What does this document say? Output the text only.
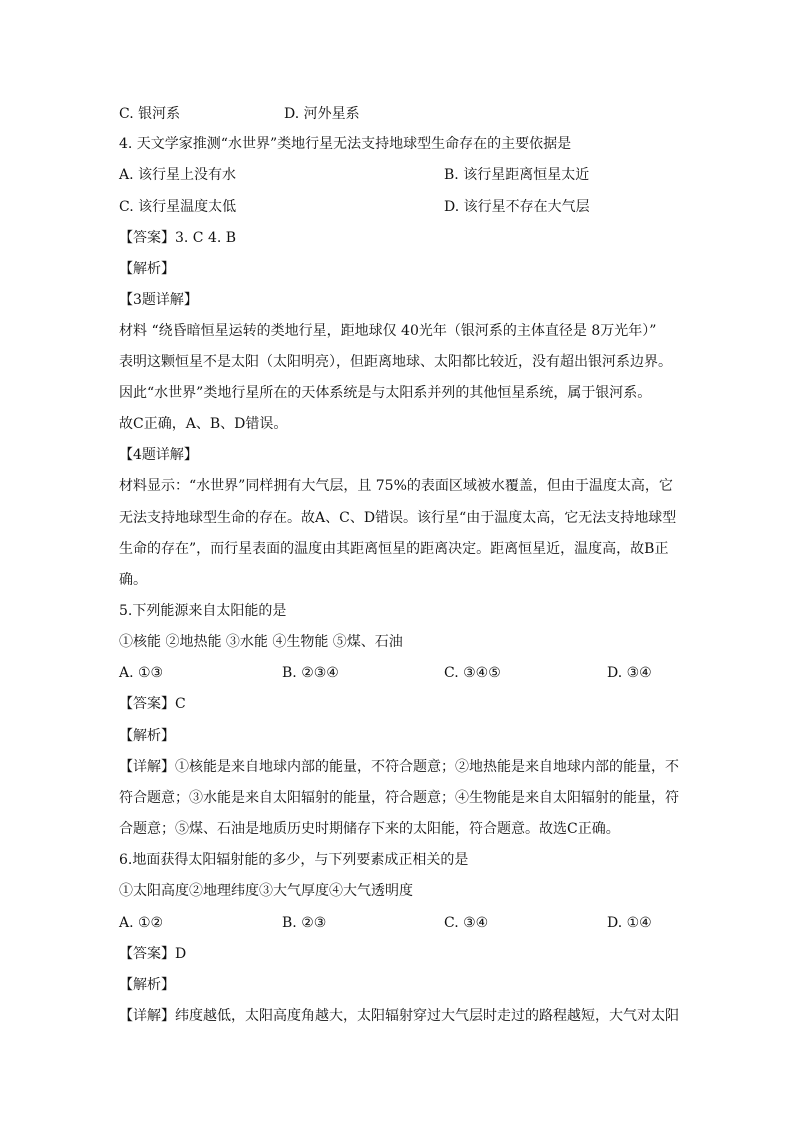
C. 银河系	D. 河外星系
4. 天文学家推测“水世界”类地行星无法支持地球型生命存在的主要依据是
A. 该行星上没有水	B. 该行星距离恒星太近
C. 该行星温度太低	D. 该行星不存在大气层
【答案】3. C 4. B
【解析】
【3题详解】
材料 “绕昏暗恒星运转的类地行星，距地球仅 40光年（银河系的主体直径是 8万光年）”
表明这颗恒星不是太阳（太阳明亮），但距离地球、太阳都比较近，没有超出银河系边界。
因此“水世界”类地行星所在的天体系统是与太阳系并列的其他恒星系统，属于银河系。
故C正确，A、B、D错误。
【4题详解】
材料显示：“水世界”同样拥有大气层，且 75%的表面区域被水覆盖，但由于温度太高，它
无法支持地球型生命的存在。故A、C、D错误。该行星“由于温度太高，它无法支持地球型
生命的存在”，而行星表面的温度由其距离恒星的距离决定。距离恒星近，温度高，故B正
确。
5.下列能源来自太阳能的是
①核能 ②地热能 ③水能 ④生物能 ⑤煤、石油
A. ①③	B. ②③④	C. ③④⑤	D. ③④
【答案】C
【解析】
【详解】①核能是来自地球内部的能量，不符合题意；②地热能是来自地球内部的能量，不
符合题意；③水能是来自太阳辐射的能量，符合题意；④生物能是来自太阳辐射的能量，符
合题意；⑤煤、石油是地质历史时期储存下来的太阳能，符合题意。故选C正确。
6.地面获得太阳辐射能的多少，与下列要素成正相关的是
①太阳高度②地理纬度③大气厚度④大气透明度
A. ①②	B. ②③	C. ③④	D. ①④
【答案】D
【解析】
【详解】纬度越低，太阳高度角越大，太阳辐射穿过大气层时走过的路程越短，大气对太阳
